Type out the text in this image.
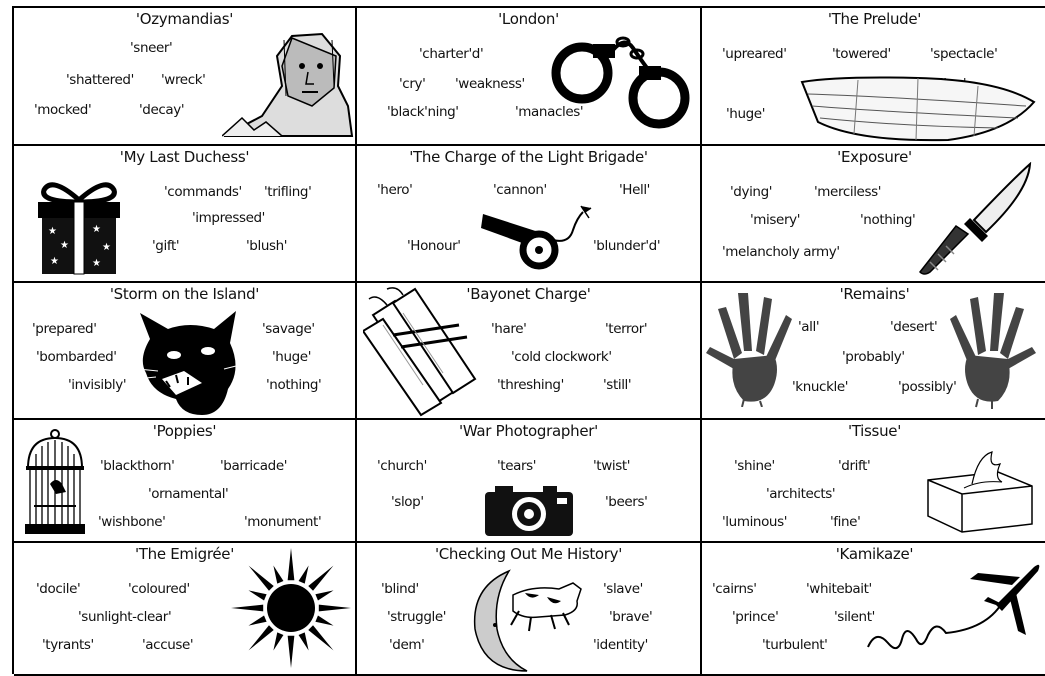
'Ozymandias'
'sneer'
'shattered' 'wreck'
'mocked'	'decay'
'London'
'charter'd'
'cry' 'weakness'
'black'ning'	'manacles'
'The Prelude'
'upreared'	'towered'	'spectacle'
'huge'
'My Last Duchess'
'commands' 'trifling'
'impressed'
'gift'	'blush'
★
★
★
★
★
★
'The Charge of the Light Brigade'
'hero'	'cannon'	'Hell'
'Honour'	'blunder'd'
'Exposure'
'dying'	'merciless'
'misery'	'nothing'
'melancholy army'
'Storm on the Island'
'prepared'	'savage'
'bombarded'	'huge'
'invisibly'	'nothing'
'Bayonet Charge'
'hare'	'terror'
'cold clockwork'
'threshing'	'still'
'Remains'
'all'	'desert'
'probably'
'knuckle'	'possibly'
'Poppies'
'blackthorn'	'barricade'
'ornamental'
'wishbone'	'monument'
'War Photographer'
'church'	'tears'	'twist'
'slop'	'beers'
'Tissue'
'shine'	'drift'
'architects'
'luminous'	'fine'
'The Emigrée'
'docile'	'coloured'
'sunlight-clear'
'tyrants'	'accuse'
'Checking Out Me History'
'blind'	'slave'
'struggle'	'brave'
'dem'	'identity'
'Kamikaze'
'cairns'	'whitebait'
'prince'	'silent'
'turbulent'
